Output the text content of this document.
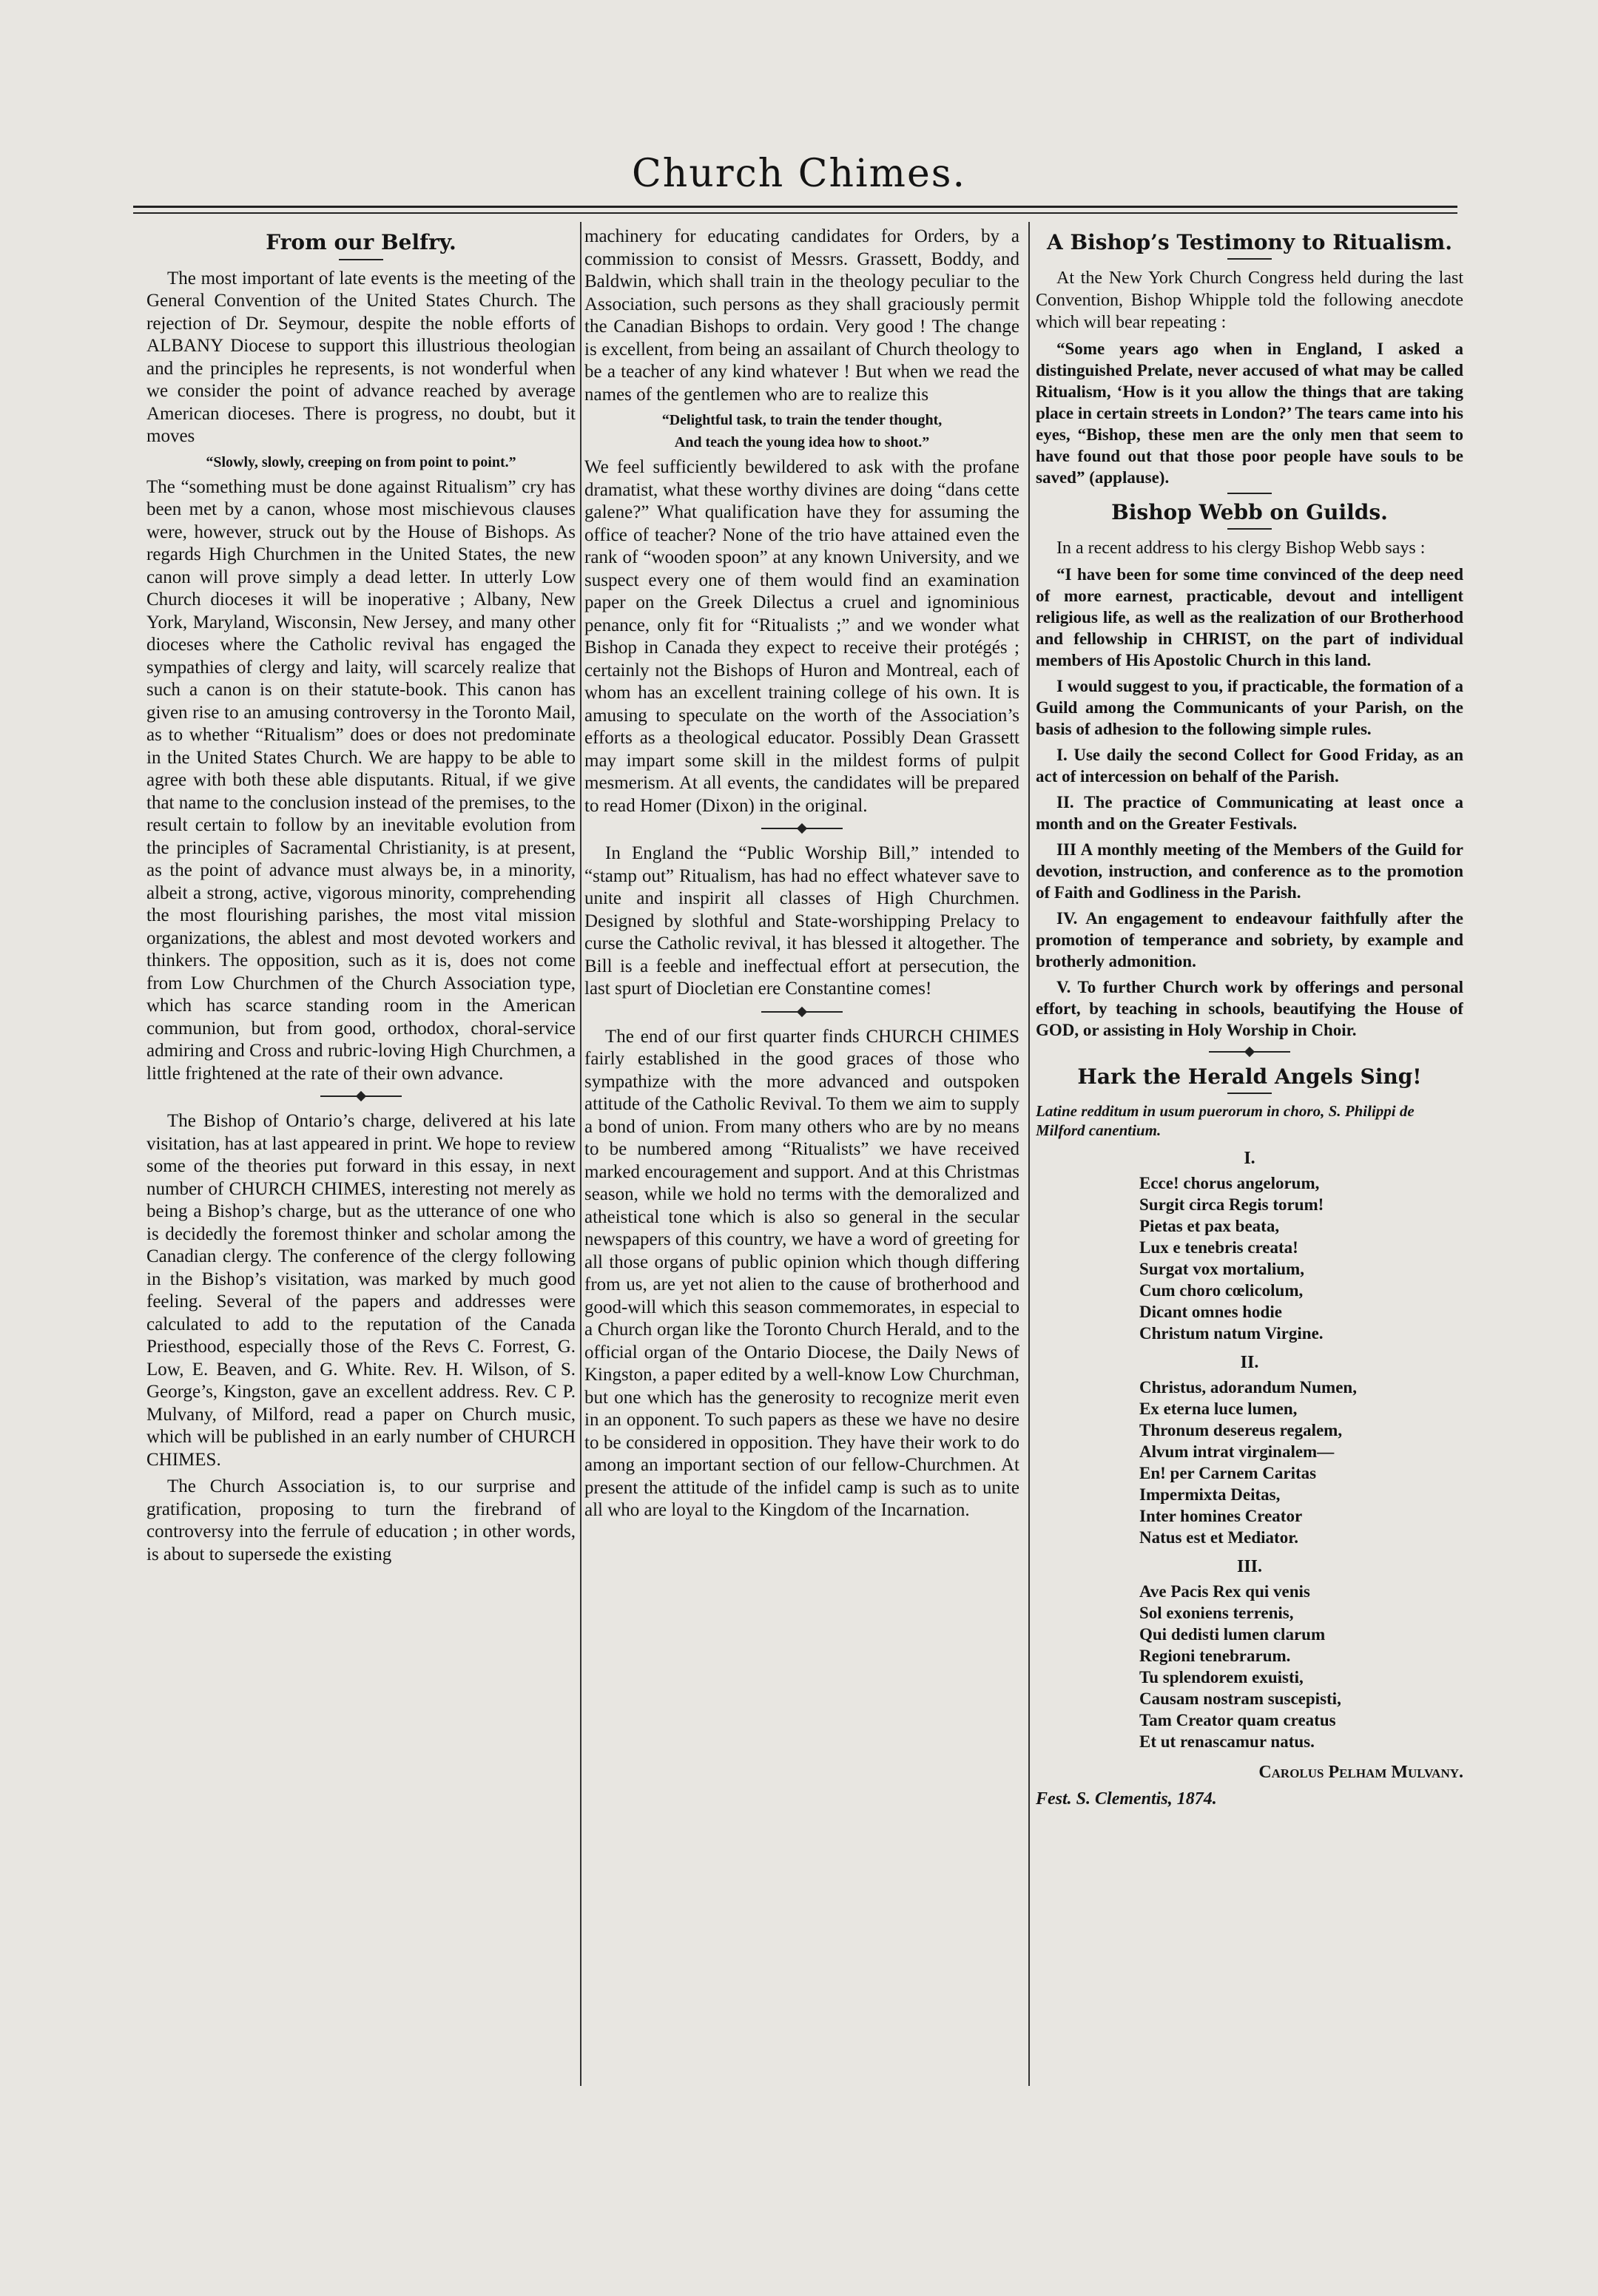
Church Chimes.
From our Belfry.

The most important of late events is the meeting of the General Convention of the United States Church. The rejection of Dr. Seymour, despite the noble efforts of ALBANY Diocese to support this illustrious theologian and the principles he represents, is not wonderful when we consider the point of advance reached by average American dioceses. There is progress, no doubt, but it moves

“Slowly, slowly, creeping on from point to point.”

The “something must be done against Ritualism” cry has been met by a canon, whose most mischievous clauses were, however, struck out by the House of Bishops. As regards High Churchmen in the United States, the new canon will prove simply a dead letter. In utterly Low Church dioceses it will be inoperative ; Albany, New York, Maryland, Wisconsin, New Jersey, and many other dioceses where the Catholic revival has engaged the sympathies of clergy and laity, will scarcely realize that such a canon is on their statute-book. This canon has given rise to an amusing controversy in the Toronto Mail, as to whether “Ritualism” does or does not predominate in the United States Church. We are happy to be able to agree with both these able disputants. Ritual, if we give that name to the conclusion instead of the premises, to the result certain to follow by an inevitable evolution from the principles of Sacramental Christianity, is at present, as the point of advance must always be, in a minority, albeit a strong, active, vigorous minority, comprehending the most flourishing parishes, the most vital mission organizations, the ablest and most devoted workers and thinkers. The opposition, such as it is, does not come from Low Churchmen of the Church Association type, which has scarce standing room in the American communion, but from good, orthodox, choral-service admiring and Cross and rubric-loving High Churchmen, a little frightened at the rate of their own advance.

The Bishop of Ontario’s charge, delivered at his late visitation, has at last appeared in print. We hope to review some of the theories put forward in this essay, in next number of CHURCH CHIMES, interesting not merely as being a Bishop’s charge, but as the utterance of one who is decidedly the foremost thinker and scholar among the Canadian clergy. The conference of the clergy following in the Bishop’s visitation, was marked by much good feeling. Several of the papers and addresses were calculated to add to the reputation of the Canada Priesthood, especially those of the Revs C. Forrest, G. Low, E. Beaven, and G. White. Rev. H. Wilson, of S. George’s, Kingston, gave an excellent address. Rev. C P. Mulvany, of Milford, read a paper on Church music, which will be published in an early number of CHURCH CHIMES.

The Church Association is, to our surprise and gratification, proposing to turn the firebrand of controversy into the ferrule of education ; in other words, is about to supersede the existing

machinery for educating candidates for Orders, by a commission to consist of Messrs. Grassett, Boddy, and Baldwin, which shall train in the theology peculiar to the Association, such persons as they shall graciously permit the Canadian Bishops to ordain. Very good ! The change is excellent, from being an assailant of Church theology to be a teacher of any kind whatever ! But when we read the names of the gentlemen who are to realize this

“Delightful task, to train the tender thought,

And teach the young idea how to shoot.”

We feel sufficiently bewildered to ask with the profane dramatist, what these worthy divines are doing “dans cette galene?” What qualification have they for assuming the office of teacher? None of the trio have attained even the rank of “wooden spoon” at any known University, and we suspect every one of them would find an examination paper on the Greek Dilectus a cruel and ignominious penance, only fit for “Ritualists ;” and we wonder what Bishop in Canada they expect to receive their protégés ; certainly not the Bishops of Huron and Montreal, each of whom has an excellent training college of his own. It is amusing to speculate on the worth of the Association’s efforts as a theological educator. Possibly Dean Grassett may impart some skill in the mildest forms of pulpit mesmerism. At all events, the candidates will be prepared to read Homer (Dixon) in the original.

In England the “Public Worship Bill,” intended to “stamp out” Ritualism, has had no effect whatever save to unite and inspirit all classes of High Churchmen. Designed by slothful and State-worshipping Prelacy to curse the Catholic revival, it has blessed it altogether. The Bill is a feeble and ineffectual effort at persecution, the last spurt of Diocletian ere Constantine comes!

The end of our first quarter finds CHURCH CHIMES fairly established in the good graces of those who sympathize with the more advanced and outspoken attitude of the Catholic Revival. To them we aim to supply a bond of union. From many others who are by no means to be numbered among “Ritualists” we have received marked encouragement and support. And at this Christmas season, while we hold no terms with the demoralized and atheistical tone which is also so general in the secular newspapers of this country, we have a word of greeting for all those organs of public opinion which though differing from us, are yet not alien to the cause of brotherhood and good-will which this season commemorates, in especial to a Church organ like the Toronto Church Herald, and to the official organ of the Ontario Diocese, the Daily News of Kingston, a paper edited by a well-know Low Churchman, but one which has the generosity to recognize merit even in an opponent. To such papers as these we have no desire to be considered in opposition. They have their work to do among an important section of our fellow-Churchmen. At present the attitude of the infidel camp is such as to unite all who are loyal to the Kingdom of the Incarnation.

A Bishop’s Testimony to Ritualism.

At the New York Church Congress held during the last Convention, Bishop Whipple told the following anecdote which will bear repeating :

“Some years ago when in England, I asked a distinguished Prelate, never accused of what may be called Ritualism, ‘How is it you allow the things that are taking place in certain streets in London?’ The tears came into his eyes, “Bishop, these men are the only men that seem to have found out that those poor people have souls to be saved” (applause).

Bishop Webb on Guilds.

In a recent address to his clergy Bishop Webb says :

“I have been for some time convinced of the deep need of more earnest, practicable, devout and intelligent religious life, as well as the realization of our Brotherhood and fellowship in CHRIST, on the part of individual members of His Apostolic Church in this land.

I would suggest to you, if practicable, the formation of a Guild among the Communicants of your Parish, on the basis of adhesion to the following simple rules.

I. Use daily the second Collect for Good Friday, as an act of intercession on behalf of the Parish.

II. The practice of Communicating at least once a month and on the Greater Festivals.

III A monthly meeting of the Members of the Guild for devotion, instruction, and conference as to the promotion of Faith and Godliness in the Parish.

IV. An engagement to endeavour faithfully after the promotion of temperance and sobriety, by example and brotherly admonition.

V. To further Church work by offerings and personal effort, by teaching in schools, beautifying the House of GOD, or assisting in Holy Worship in Choir.

Hark the Herald Angels Sing!

Latine redditum in usum puerorum in choro, S. Philippi de Milford canentium.

I.

Ecce! chorus angelorum,
Surgit circa Regis torum!
Pietas et pax beata,
Lux e tenebris creata!
Surgat vox mortalium,
Cum choro cœlicolum,
Dicant omnes hodie
Christum natum Virgine.

II.

Christus, adorandum Numen,
Ex eterna luce lumen,
Thronum desereus regalem,
Alvum intrat virginalem—
En! per Carnem Caritas
Impermixta Deitas,
Inter homines Creator
Natus est et Mediator.

III.

Ave Pacis Rex qui venis
Sol exoniens terrenis,
Qui dedisti lumen clarum
Regioni tenebrarum.
Tu splendorem exuisti,
Causam nostram suscepisti,
Tam Creator quam creatus
Et ut renascamur natus.

Carolus Pelham Mulvany.

Fest. S. Clementis, 1874.
